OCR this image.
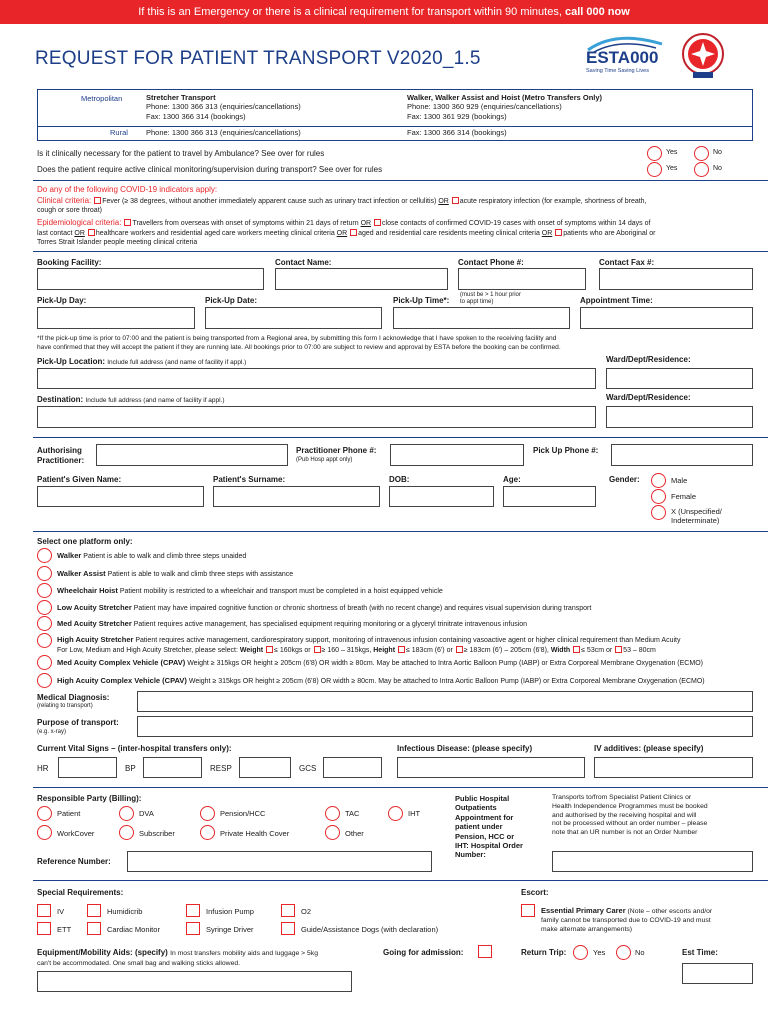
If this is an Emergency or there is a clinical requirement for transport within 90 minutes, call 000 now
REQUEST FOR PATIENT TRANSPORT V2020_1.5	ESTA000
Saving Time Saving Lives
Metropolitan	Stretcher Transport
Phone: 1300 366 313 (enquiries/cancellations)
Fax: 1300 366 314 (bookings)
Walker, Walker Assist and Hoist (Metro Transfers Only)
Phone: 1300 360 929 (enquiries/cancellations)
Fax: 1300 361 929 (bookings)
Rural Phone: 1300 366 313 (enquiries/cancellations)	Fax: 1300 366 314 (bookings)
Is it clinically necessary for the patient to travel by Ambulance? See over for rules	Yes	No
Does the patient require active clinical monitoring/supervision during transport? See over for rules	Yes	No
Do any of the following COVID-19 indicators apply:
Clinical criteria: Fever (≥ 38 degrees, without another immediately apparent cause such as urinary tract infection or cellulitis) OR acute respiratory infection (for example, shortness of breath,
cough or sore throat)
Epidemiological criteria: Travellers from overseas with onset of symptoms within 21 days of return OR close contacts of confirmed COVID-19 cases with onset of symptoms within 14 days of
last contact OR healthcare workers and residential aged care workers meeting clinical criteria OR aged and residential care residents meeting clinical criteria OR patients who are Aboriginal or
Torres Strait Islander people meeting clinical criteria
Booking Facility:	Contact Name:	Contact Phone #:	Contact Fax #:
Pick-Up Day:	Pick-Up Date:	Pick-Up Time*:
(must be > 1 hour prior
to appt time)	Appointment Time:
*If the pick-up time is prior to 07:00 and the patient is being transported from a Regional area, by submitting this form I acknowledge that I have spoken to the receiving facility and
have confirmed that they will accept the patient if they are running late. All bookings prior to 07:00 are subject to review and approval by ESTA before the booking can be confirmed.
Pick-Up Location: Include full address (and name of facility if appl.)	Ward/Dept/Residence:
Destination: Include full address (and name of facility if appl.)	Ward/Dept/Residence:
Authorising
Practitioner:
Practitioner Phone #:
(Pub Hosp appt only)
Pick Up Phone #:
Patient's Given Name:	Patient's Surname:	DOB:	Age:	Gender:	Male
Female
X (Unspecified/
Indeterminate)
Select one platform only:
Walker Patient is able to walk and climb three steps unaided
Walker Assist Patient is able to walk and climb three steps with assistance
Wheelchair Hoist Patient mobility is restricted to a wheelchair and transport must be completed in a hoist equipped vehicle
Low Acuity Stretcher Patient may have impaired cognitive function or chronic shortness of breath (with no recent change) and requires visual supervision during transport
Med Acuity Stretcher Patient requires active management, has specialised equipment requiring monitoring or a glyceryl trinitrate intravenous infusion
High Acuity Stretcher Patient requires active management, cardiorespiratory support, monitoring of intravenous infusion containing vasoactive agent or higher clinical requirement than Medium Acuity
For Low, Medium and High Acuity Stretcher, please select: Weight ≤ 160kgs or ≥ 160 – 315kgs, Height ≤ 183cm (6') or ≥ 183cm (6') – 205cm (6'8), Width ≤ 53cm or 53 – 80cm
Med Acuity Complex Vehicle (CPAV) Weight ≥ 315kgs OR height ≥ 205cm (6'8) OR width ≥ 80cm. May be attached to Intra Aortic Balloon Pump (IABP) or Extra Corporeal Membrane Oxygenation (ECMO)
High Acuity Complex Vehicle (CPAV) Weight ≥ 315kgs OR height ≥ 205cm (6'8) OR width ≥ 80cm. May be attached to Intra Aortic Balloon Pump (IABP) or Extra Corporeal Membrane Oxygenation (ECMO)
Medical Diagnosis:
(relating to transport)
Purpose of transport:
(e.g. x-ray)
Current Vital Signs – (inter-hospital transfers only):	Infectious Disease: (please specify)	IV additives: (please specify)
HR	BP	RESP	GCS
Responsible Party (Billing):
Patient	DVA	Pension/HCC	TAC	IHT
WorkCover	Subscriber	Private Health Cover	Other
Reference Number:
Public Hospital
Outpatients
Appointment for
patient under
Pension, HCC or
IHT: Hospital Order
Number:
Transports to/from Specialist Patient Clinics or
Health Independence Programmes must be booked
and authorised by the receiving hospital and will
not be processed without an order number – please
note that an UR number is not an Order Number
Special Requirements:
IV	Humidicrib	Infusion Pump	O2
ETT	Cardiac Monitor	Syringe Driver	Guide/Assistance Dogs (with declaration)
Escort:
Essential Primary Carer (Note – other escorts and/or
family cannot be transported due to COVID-19 and must
make alternate arrangements)
Equipment/Mobility Aids: (specify) In most transfers mobility aids and luggage > 5kg
can't be accommodated. One small bag and walking sticks allowed.
Going for admission:	Return Trip:	Yes	No	Est Time:
